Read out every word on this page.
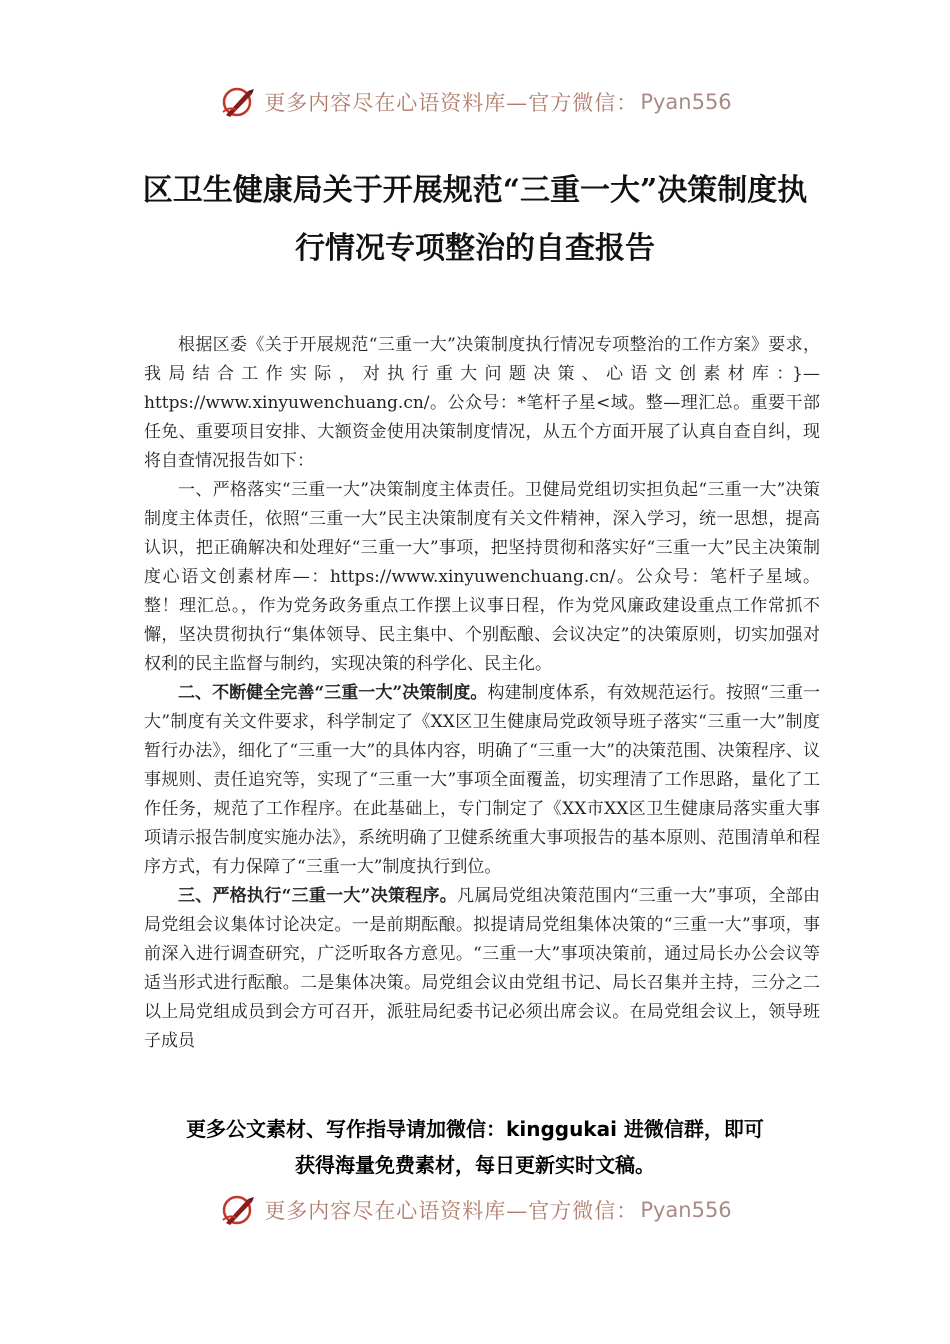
更多内容尽在心语资料库—官方微信： Pyan556
区卫生健康局关于开展规范“三重一大”决策制度执
行情况专项整治的自查报告

根据区委《关于开展规范“三重一大”决策制度执行情况专项整治的工作方案》要求，我局结合工作实际，对执行重大问题决策、心语文创素材库：}—https://www.xinyuwenchuang.cn/。公众号：*笔杆子星<域。整—理汇总。重要干部任免、重要项目安排、大额资金使用决策制度情况，从五个方面开展了认真自查自纠，现将自查情况报告如下：

一、严格落实“三重一大”决策制度主体责任。卫健局党组切实担负起“三重一大”决策制度主体责任，依照“三重一大”民主决策制度有关文件精神，深入学习，统一思想，提高认识，把正确解决和处理好“三重一大”事项，把坚持贯彻和落实好“三重一大”民主决策制度心语文创素材库—：https://www.xinyuwenchuang.cn/。公众号：笔杆子星域。整！理汇总。，作为党务政务重点工作摆上议事日程，作为党风廉政建设重点工作常抓不懈，坚决贯彻执行“集体领导、民主集中、个别酝酿、会议决定”的决策原则，切实加强对权利的民主监督与制约，实现决策的科学化、民主化。

二、不断健全完善“三重一大”决策制度。构建制度体系，有效规范运行。按照“三重一大”制度有关文件要求，科学制定了《XX区卫生健康局党政领导班子落实“三重一大”制度暂行办法》，细化了“三重一大”的具体内容，明确了“三重一大”的决策范围、决策程序、议事规则、责任追究等，实现了“三重一大”事项全面覆盖，切实理清了工作思路，量化了工作任务，规范了工作程序。在此基础上，专门制定了《XX市XX区卫生健康局落实重大事项请示报告制度实施办法》，系统明确了卫健系统重大事项报告的基本原则、范围清单和程序方式，有力保障了“三重一大”制度执行到位。

三、严格执行“三重一大”决策程序。凡属局党组决策范围内“三重一大”事项，全部由局党组会议集体讨论决定。一是前期酝酿。拟提请局党组集体决策的“三重一大”事项，事前深入进行调查研究，广泛听取各方意见。“三重一大”事项决策前，通过局长办公会议等适当形式进行酝酿。二是集体决策。局党组会议由党组书记、局长召集并主持，三分之二以上局党组成员到会方可召开，派驻局纪委书记必须出席会议。在局党组会议上，领导班子成员

更多公文素材、写作指导请加微信：kinggukai 进微信群，即可
获得海量免费素材，每日更新实时文稿。
更多内容尽在心语资料库—官方微信： Pyan556
